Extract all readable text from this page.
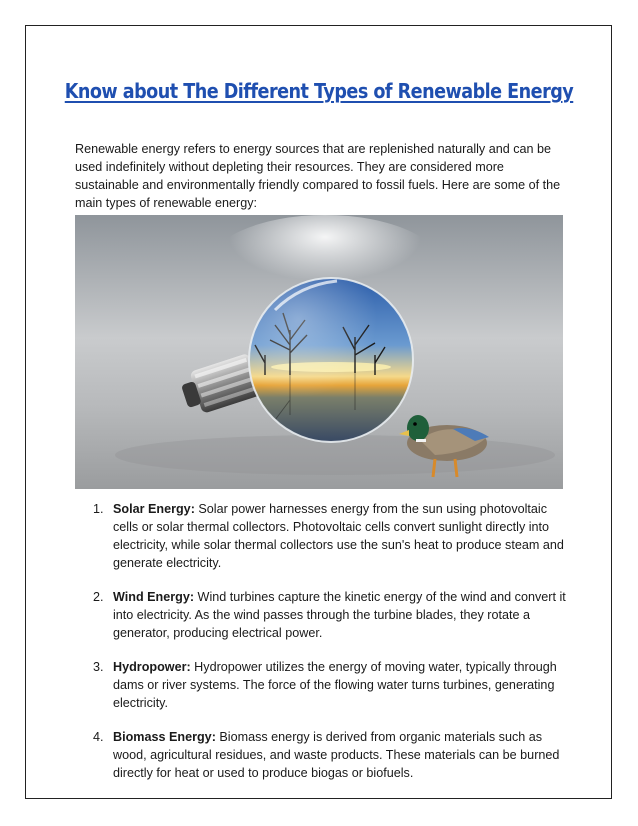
Know about The Different Types of Renewable Energy

Renewable energy refers to energy sources that are replenished naturally and can be used indefinitely without depleting their resources. They are considered more sustainable and environmentally friendly compared to fossil fuels. Here are some of the main types of renewable energy:

1. Solar Energy: Solar power harnesses energy from the sun using photovoltaic cells or solar thermal collectors. Photovoltaic cells convert sunlight directly into electricity, while solar thermal collectors use the sun's heat to produce steam and generate electricity.
2. Wind Energy: Wind turbines capture the kinetic energy of the wind and convert it into electricity. As the wind passes through the turbine blades, they rotate a generator, producing electrical power.
3. Hydropower: Hydropower utilizes the energy of moving water, typically through dams or river systems. The force of the flowing water turns turbines, generating electricity.
4. Biomass Energy: Biomass energy is derived from organic materials such as wood, agricultural residues, and waste products. These materials can be burned directly for heat or used to produce biogas or biofuels.
